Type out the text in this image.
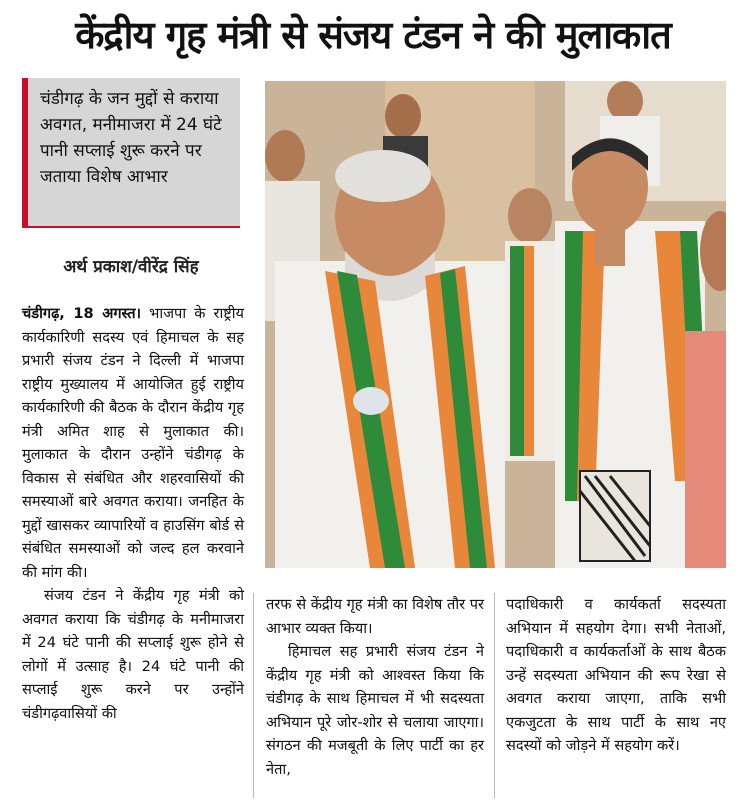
केंद्रीय गृह मंत्री से संजय टंडन ने की मुलाकात
चंडीगढ़ के जन मुद्दों से कराया अवगत, मनीमाजरा में 24 घंटे पानी सप्लाई शुरू करने पर जताया विशेष आभार
अर्थ प्रकाश/वीरेंद्र सिंह

चंडीगढ़, 18 अगस्त। भाजपा के राष्ट्रीय कार्यकारिणी सदस्य एवं हिमाचल के सह प्रभारी संजय टंडन ने दिल्ली में भाजपा राष्ट्रीय मुख्यालय में आयोजित हुई राष्ट्रीय कार्यकारिणी की बैठक के दौरान केंद्रीय गृह मंत्री अमित शाह से मुलाकात की। मुलाकात के दौरान उन्होंने चंडीगढ़ के विकास से संबंधित और शहरवासियों की समस्याओं बारे अवगत कराया। जनहित के मुद्दों खासकर व्यापारियों व हाउसिंग बोर्ड से संबंधित समस्याओं को जल्द हल करवाने की मांग की।

संजय टंडन ने केंद्रीय गृह मंत्री को अवगत कराया कि चंडीगढ़ के मनीमाजरा में 24 घंटे पानी की सप्लाई शुरू होने से लोगों में उत्साह है। 24 घंटे पानी की सप्लाई शुरू करने पर उन्होंने चंडीगढ़वासियों की

तरफ से केंद्रीय गृह मंत्री का विशेष तौर पर आभार व्यक्त किया।

हिमाचल सह प्रभारी संजय टंडन ने केंद्रीय गृह मंत्री को आश्वस्त किया कि चंडीगढ़ के साथ हिमाचल में भी सदस्यता अभियान पूरे जोर-शोर से चलाया जाएगा। संगठन की मजबूती के लिए पार्टी का हर नेता,

पदाधिकारी व कार्यकर्ता सदस्यता अभियान में सहयोग देगा। सभी नेताओं, पदाधिकारी व कार्यकर्ताओं के साथ बैठक उन्हें सदस्यता अभियान की रूप रेखा से अवगत कराया जाएगा, ताकि सभी एकजुटता के साथ पार्टी के साथ नए सदस्यों को जोड़ने में सहयोग करें।
